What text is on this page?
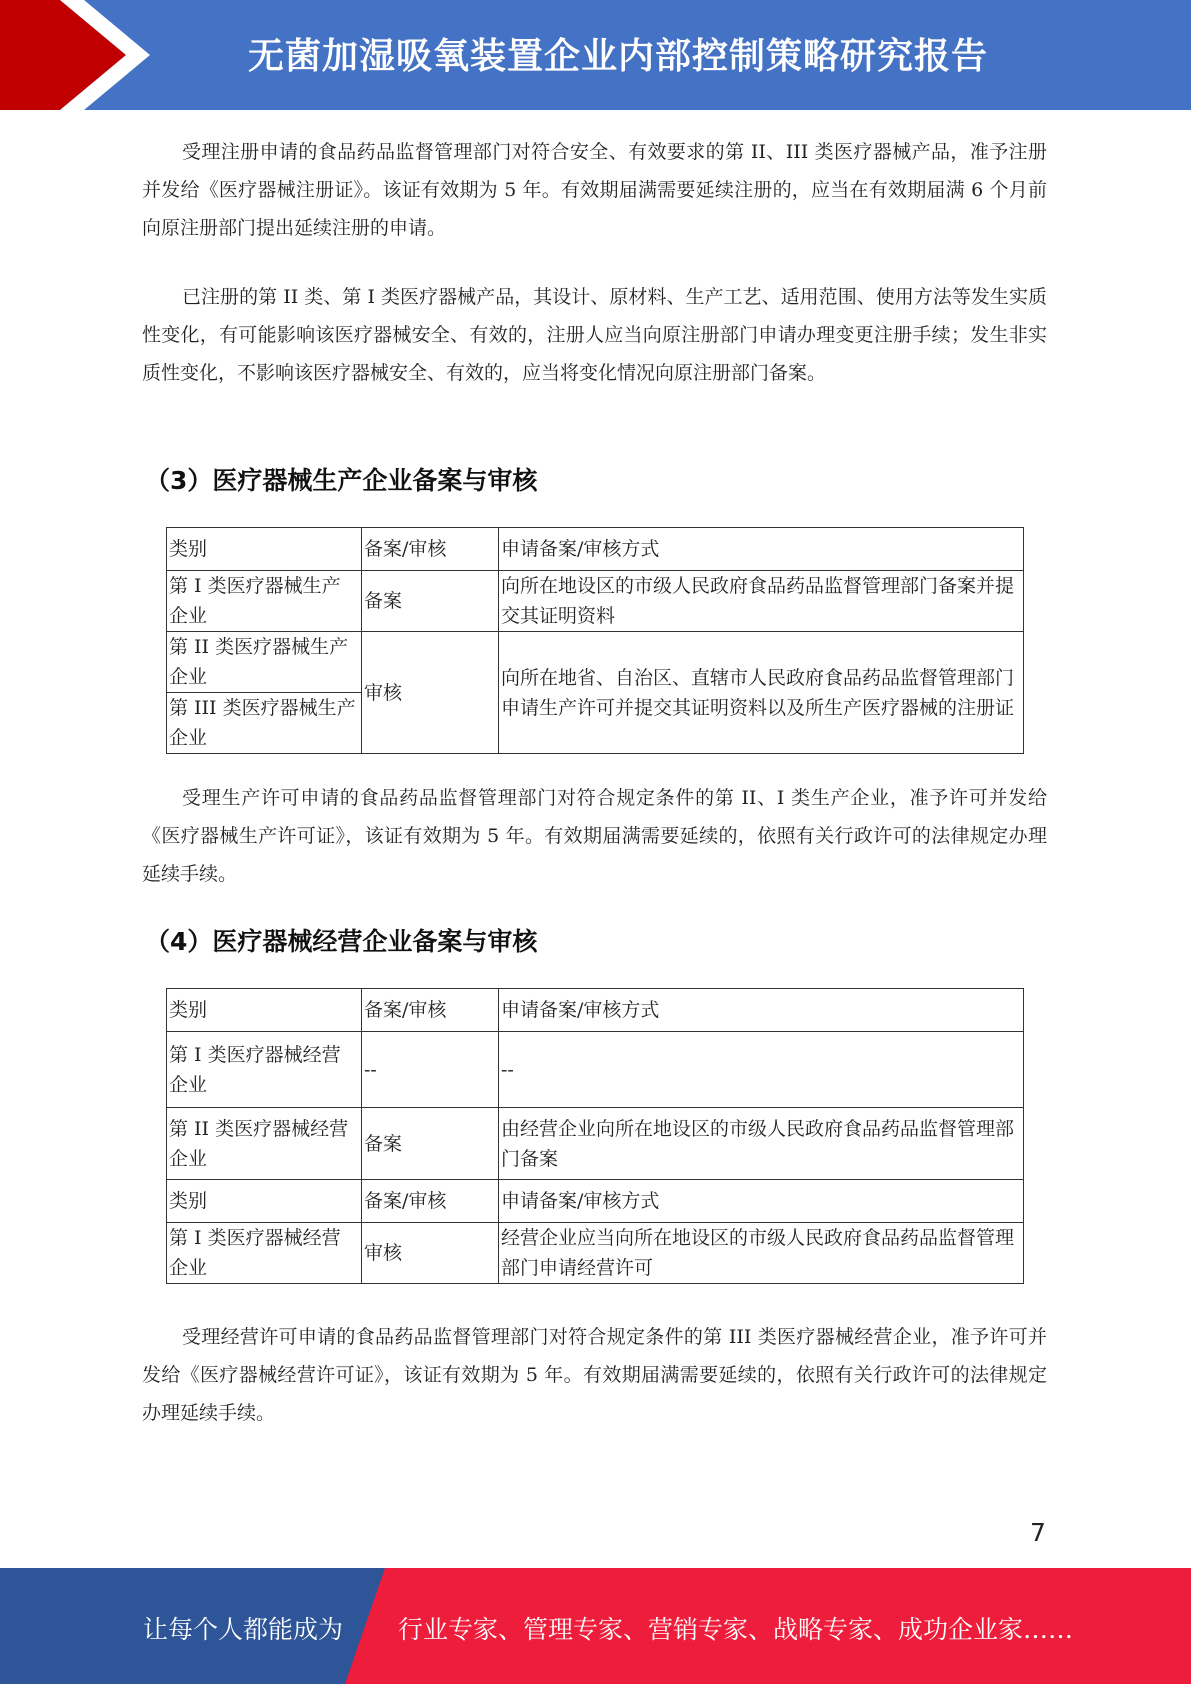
无菌加湿吸氧装置企业内部控制策略研究报告

受理注册申请的食品药品监督管理部门对符合安全、有效要求的第 II、III 类医疗器械产品，准予注册并发给《医疗器械注册证》。该证有效期为 5 年。有效期届满需要延续注册的，应当在有效期届满 6 个月前向原注册部门提出延续注册的申请。

已注册的第 II 类、第 I 类医疗器械产品，其设计、原材料、生产工艺、适用范围、使用方法等发生实质性变化，有可能影响该医疗器械安全、有效的，注册人应当向原注册部门申请办理变更注册手续；发生非实质性变化，不影响该医疗器械安全、有效的，应当将变化情况向原注册部门备案。

（3）医疗器械生产企业备案与审核
类别	备案/审核	申请备案/审核方式
第 I 类医疗器械生产企业	备案	向所在地设区的市级人民政府食品药品监督管理部门备案并提交其证明资料
第 II 类医疗器械生产企业	审核	向所在地省、自治区、直辖市人民政府食品药品监督管理部门申请生产许可并提交其证明资料以及所生产医疗器械的注册证
第 III 类医疗器械生产企业		

受理生产许可申请的食品药品监督管理部门对符合规定条件的第 II、I 类生产企业，准予许可并发给《医疗器械生产许可证》，该证有效期为 5 年。有效期届满需要延续的，依照有关行政许可的法律规定办理延续手续。

（4）医疗器械经营企业备案与审核
类别	备案/审核	申请备案/审核方式
第 I 类医疗器械经营企业	--	--
第 II 类医疗器械经营企业	备案	由经营企业向所在地设区的市级人民政府食品药品监督管理部门备案
类别	备案/审核	申请备案/审核方式
第 I 类医疗器械经营企业	审核	经营企业应当向所在地设区的市级人民政府食品药品监督管理部门申请经营许可

受理经营许可申请的食品药品监督管理部门对符合规定条件的第 III 类医疗器械经营企业，准予许可并发给《医疗器械经营许可证》，该证有效期为 5 年。有效期届满需要延续的，依照有关行政许可的法律规定办理延续手续。

7
让每个人都能成为 行业专家、管理专家、营销专家、战略专家、成功企业家……
